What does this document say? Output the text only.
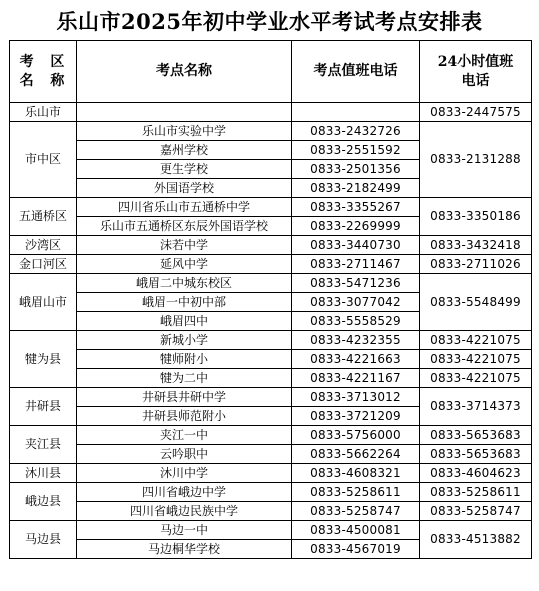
乐山市2025年初中学业水平考试考点安排表
考 区
名 称	考点名称	考点值班电话	24小时值班
电话
乐山市			0833-2447575
市中区	乐山市实验中学	0833-2432726	0833-2131288
	嘉州学校	0833-2551592	
	更生学校	0833-2501356	
	外国语学校	0833-2182499	
五通桥区	四川省乐山市五通桥中学	0833-3355267	0833-3350186
	乐山市五通桥区东辰外国语学校	0833-2269999	
沙湾区	沫若中学	0833-3440730	0833-3432418
金口河区	延风中学	0833-2711467	0833-2711026
峨眉山市	峨眉二中城东校区	0833-5471236	0833-5548499
	峨眉一中初中部	0833-3077042	
	峨眉四中	0833-5558529	
犍为县	新城小学	0833-4232355	0833-4221075
	犍师附小	0833-4221663	0833-4221075
	犍为二中	0833-4221167	0833-4221075
井研县	井研县井研中学	0833-3713012	0833-3714373
	井研县师范附小	0833-3721209	
夹江县	夹江一中	0833-5756000	0833-5653683
	云吟职中	0833-5662264	0833-5653683
沐川县	沐川中学	0833-4608321	0833-4604623
峨边县	四川省峨边中学	0833-5258611	0833-5258611
	四川省峨边民族中学	0833-5258747	0833-5258747
马边县	马边一中	0833-4500081	0833-4513882
	马边桐华学校	0833-4567019	
